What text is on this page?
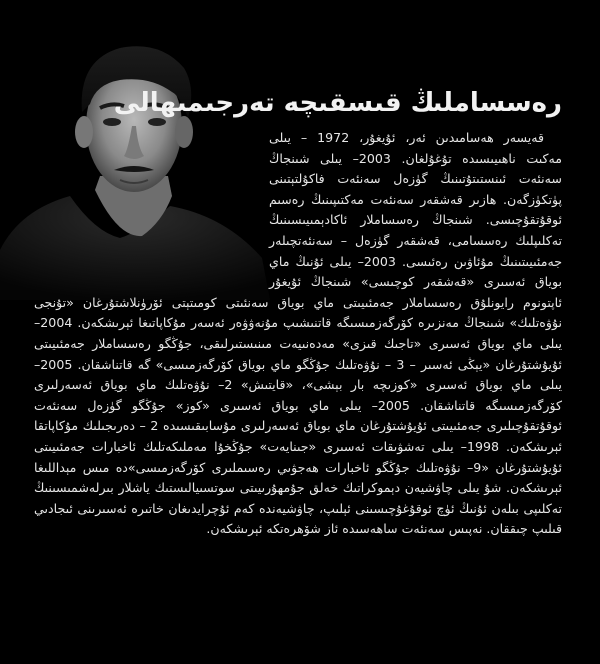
رەسساملىڭ قىسقىچە تەرجىمىھالى

قەيسەر ھەسامىدىن ئەر، ئۇيغۇر، 1972 – يىلى مەكىت ناھىيىسىدە تۇغۇلغان. 2003– يىلى شىنجاڭ سەنئەت ئىنستىتۇتىنىڭ گۈزەل سەنئەت فاكۇلتېتىنى پۈتكۈزگەن. ھازىر قەشقەر سەنئەت مەكتىپىنىڭ رەسىم ئوقۇتقۇچىسى. شىنجاڭ رەسساملار ئاكادېمىيىسىنىڭ تەكلىپلىك رەسسامى، قەشقەر گۈزەل – سەنئەتچىلەر جەمئىيىتىنىڭ مۇئاۋىن رەئىسى. 2003– يىلى ئۇنىڭ ماي بوياق ئەسىرى «قەشقەر كوچىسى» شىنجاڭ ئۇيغۇر ئاپتونوم رايونلۇق رەسساملار جەمئىيىتى ماي بوياق سەنئىتى كومىتېتى ئۆرۈنلاشتۇرغان «تۇنجى نۇۋەتلىك» شىنجاڭ مەنزىرە كۆرگەزمىسىگە قاتنىشىپ مۇنەۋۋەر ئەسەر مۇكاپاتىغا ئېرىشكەن. 2004– يىلى ماي بوياق ئەسىرى «تاجىك قىزى» مەدەنىيەت مىنىستىرلىقى، جۇڭگو رەسساملار جەمئىيىتى ئۇيۇشتۇرغان «يېڭى ئەسىر – 3 – نۇۋەتلىك جۇڭگو ماي بوياق كۆرگەزمىسى» گە قاتناشقان. 2005– يىلى ماي بوياق ئەسىرى «كوزىچە بار بېشى»، «قايتىش» 2– نۇۋەتلىك ماي بوياق ئەسەرلىرى كۆرگەزمىسىگە قاتناشقان. 2005– يىلى ماي بوياق ئەسىرى «كوز» جۇڭگو گۈزەل سەنئەت ئوقۇتقۇچىلىرى جەمئىيىتى ئۇيۇشتۇرغان ماي بوياق ئەسەرلىرى مۇسابىقىسىدە 2 – دەرىجىلىك مۇكاپاتقا ئېرىشكەن. 1998– يىلى تەشۋىقات ئەسىرى «جىنايەت» جۇڭخۇا مەملىكەتلىك ئاخبارات جەمئىيىتى ئۇيۇشتۇرغان «9– نۇۋەتلىك جۇڭگو ئاخبارات ھەجۋىي رەسىملىرى كۆرگەزمىسى»دە مىس مېداللىغا ئېرىشكەن. شۇ يىلى چاۋشيەن دېموكراتىك خەلق جۇمھۇرىيىتى سوتسىيالىستىك ياشلار بىرلەشمىسىنىڭ تەكلىپى بىلەن ئۇنىڭ ئۈچ ئوقۇغۇچىسىنى ئېلىپ، چاۋشيەندە كەم ئۇچرايدىغان خاتىرە ئەسىرىنى ئىجادىي قىلىپ چىققان. نەپىس سەنئەت ساھەسىدە ئاز شۆھرەتكە ئېرىشكەن.
